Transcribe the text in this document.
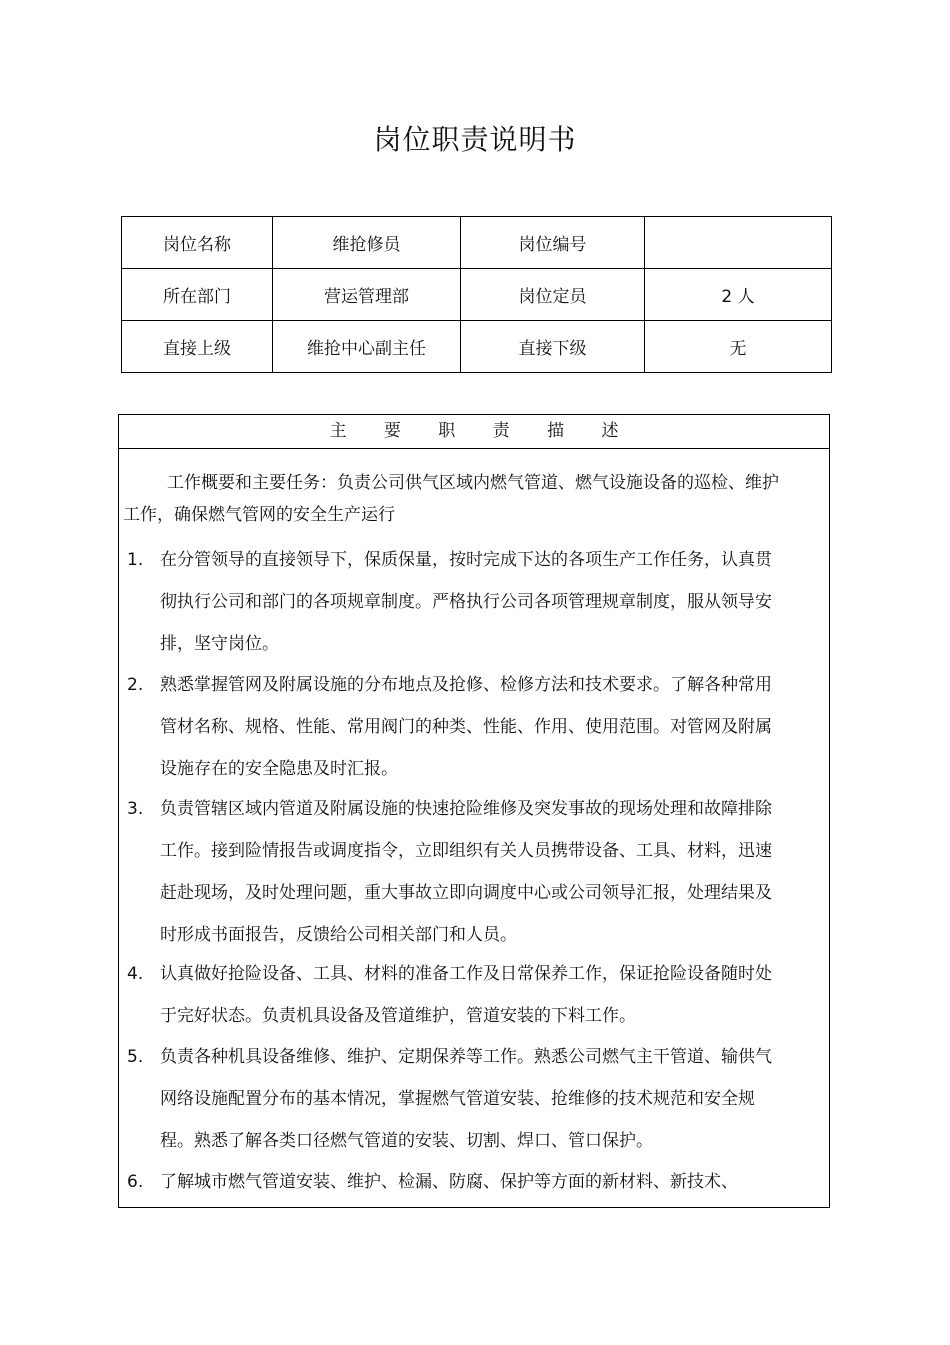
岗位职责说明书
岗位名称	维抢修员	岗位编号	
所在部门	营运管理部	岗位定员	2 人
直接上级	维抢中心副主任	直接下级	无
主 要 职 责 描 述
工作概要和主要任务：负责公司供气区域内燃气管道、燃气设施设备的巡检、维护工作，确保燃气管网的安全生产运行
1. 在分管领导的直接领导下，保质保量，按时完成下达的各项生产工作任务，认真贯彻执行公司和部门的各项规章制度。严格执行公司各项管理规章制度，服从领导安排，坚守岗位。
2. 熟悉掌握管网及附属设施的分布地点及抢修、检修方法和技术要求。了解各种常用管材名称、规格、性能、常用阀门的种类、性能、作用、使用范围。对管网及附属设施存在的安全隐患及时汇报。
3. 负责管辖区域内管道及附属设施的快速抢险维修及突发事故的现场处理和故障排除工作。接到险情报告或调度指令，立即组织有关人员携带设备、工具、材料，迅速赶赴现场，及时处理问题，重大事故立即向调度中心或公司领导汇报，处理结果及时形成书面报告，反馈给公司相关部门和人员。
4. 认真做好抢险设备、工具、材料的准备工作及日常保养工作，保证抢险设备随时处于完好状态。负责机具设备及管道维护，管道安装的下料工作。
5. 负责各种机具设备维修、维护、定期保养等工作。熟悉公司燃气主干管道、输供气网络设施配置分布的基本情况，掌握燃气管道安装、抢维修的技术规范和安全规程。熟悉了解各类口径燃气管道的安装、切割、焊口、管口保护。
6. 了解城市燃气管道安装、维护、检漏、防腐、保护等方面的新材料、新技术、
